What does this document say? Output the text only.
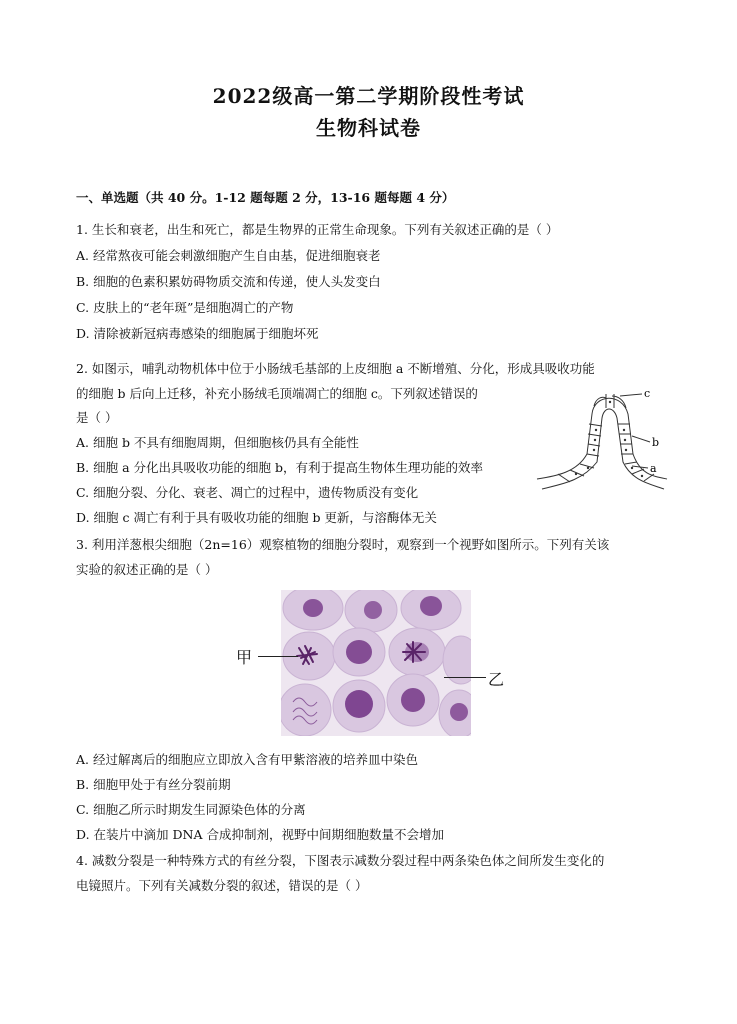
2022级高一第二学期阶段性考试
生物科试卷
一、单选题（共 40 分。1-12 题每题 2 分，13-16 题每题 4 分）
1. 生长和衰老，出生和死亡，都是生物界的正常生命现象。下列有关叙述正确的是（ ）
A. 经常熬夜可能会刺激细胞产生自由基，促进细胞衰老
B. 细胞的色素积累妨碍物质交流和传递，使人头发变白
C. 皮肤上的“老年斑”是细胞凋亡的产物
D. 清除被新冠病毒感染的细胞属于细胞坏死
2. 如图示，哺乳动物机体中位于小肠绒毛基部的上皮细胞 a 不断增殖、分化，形成具吸收功能
的细胞 b 后向上迁移，补充小肠绒毛顶端凋亡的细胞 c。下列叙述错误的
是（ ）
A. 细胞 b 不具有细胞周期，但细胞核仍具有全能性
B. 细胞 a 分化出具吸收功能的细胞 b，有利于提高生物体生理功能的效率
C. 细胞分裂、分化、衰老、凋亡的过程中，遗传物质没有变化
D. 细胞 c 凋亡有利于具有吸收功能的细胞 b 更新，与溶酶体无关
c
b
a
3. 利用洋葱根尖细胞（2n=16）观察植物的细胞分裂时，观察到一个视野如图所示。下列有关该
实验的叙述正确的是（ ）
甲
乙
A. 经过解离后的细胞应立即放入含有甲紫溶液的培养皿中染色
B. 细胞甲处于有丝分裂前期
C. 细胞乙所示时期发生同源染色体的分离
D. 在装片中滴加 DNA 合成抑制剂，视野中间期细胞数量不会增加
4. 减数分裂是一种特殊方式的有丝分裂，下图表示减数分裂过程中两条染色体之间所发生变化的
电镜照片。下列有关减数分裂的叙述，错误的是（ ）
